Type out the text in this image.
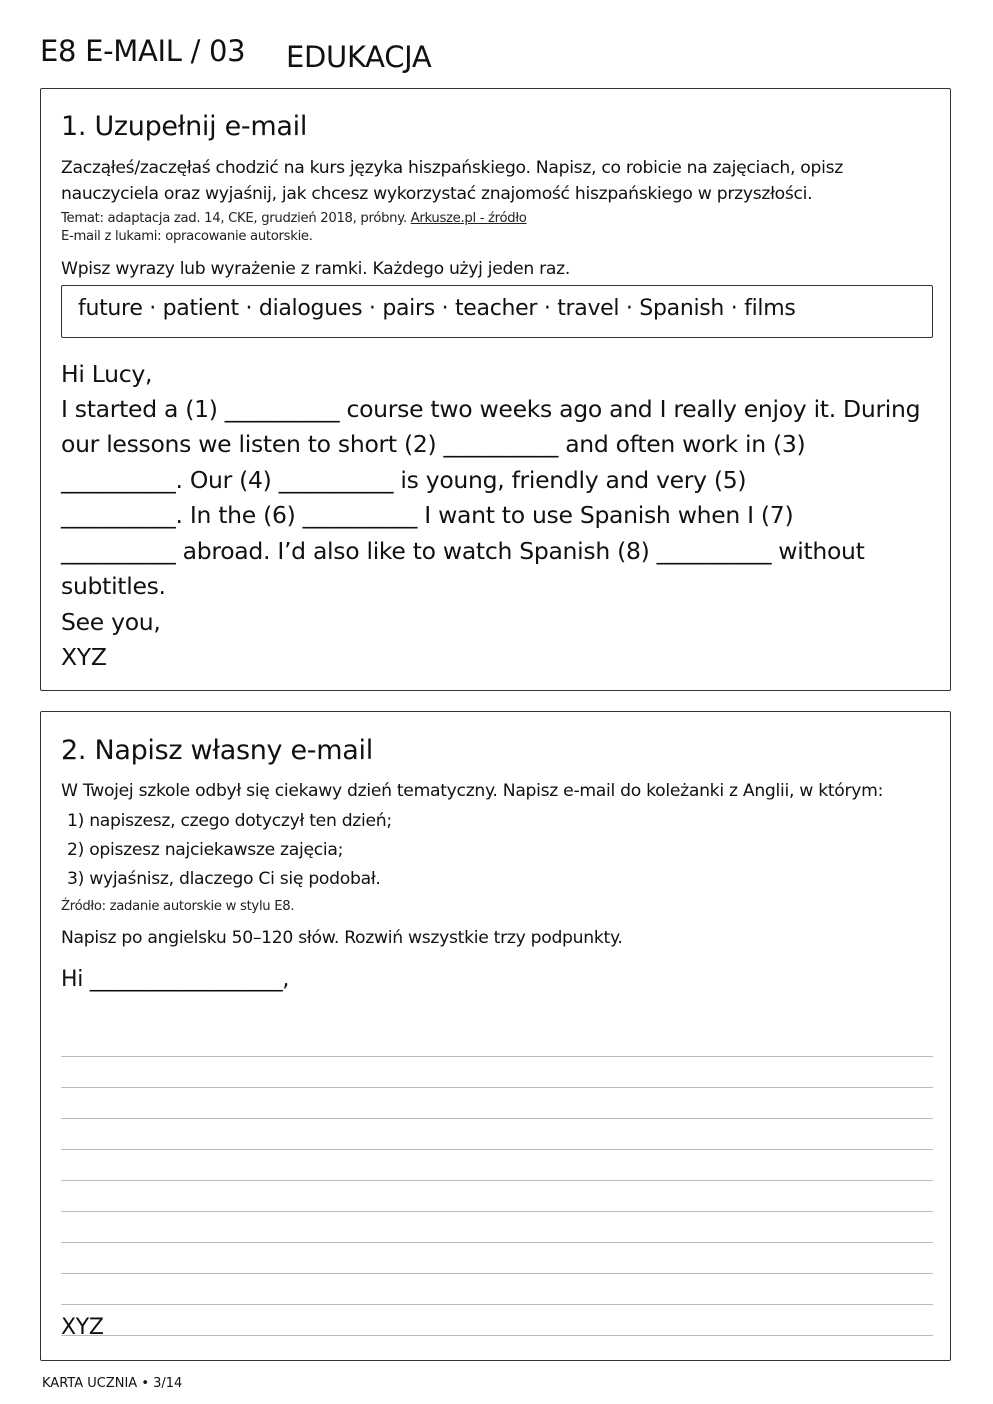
E8 E-MAIL / 03 EDUKACJA
1. Uzupełnij e-mail
Zacząłeś/zaczęłaś chodzić na kurs języka hiszpańskiego. Napisz, co robicie na zajęciach, opisz
nauczyciela oraz wyjaśnij, jak chcesz wykorzystać znajomość hiszpańskiego w przyszłości.
Temat: adaptacja zad. 14, CKE, grudzień 2018, próbny. Arkusze.pl - źródło
E-mail z lukami: opracowanie autorskie.
Wpisz wyrazy lub wyrażenie z ramki. Każdego użyj jeden raz.
future · patient · dialogues · pairs · teacher · travel · Spanish · films
Hi Lucy,
I started a (1) __________ course two weeks ago and I really enjoy it. During
our lessons we listen to short (2) __________ and often work in (3)
__________. Our (4) __________ is young, friendly and very (5)
__________. In the (6) __________ I want to use Spanish when I (7)
__________ abroad. I’d also like to watch Spanish (8) __________ without
subtitles.
See you,
XYZ
2. Napisz własny e-mail
W Twojej szkole odbył się ciekawy dzień tematyczny. Napisz e-mail do koleżanki z Anglii, w którym:
1) napiszesz, czego dotyczył ten dzień;
2) opiszesz najciekawsze zajęcia;
3) wyjaśnisz, dlaczego Ci się podobał.
Źródło: zadanie autorskie w stylu E8.
Napisz po angielsku 50–120 słów. Rozwiń wszystkie trzy podpunkty.
Hi __________________,
XYZ
KARTA UCZNIA • 3/14
